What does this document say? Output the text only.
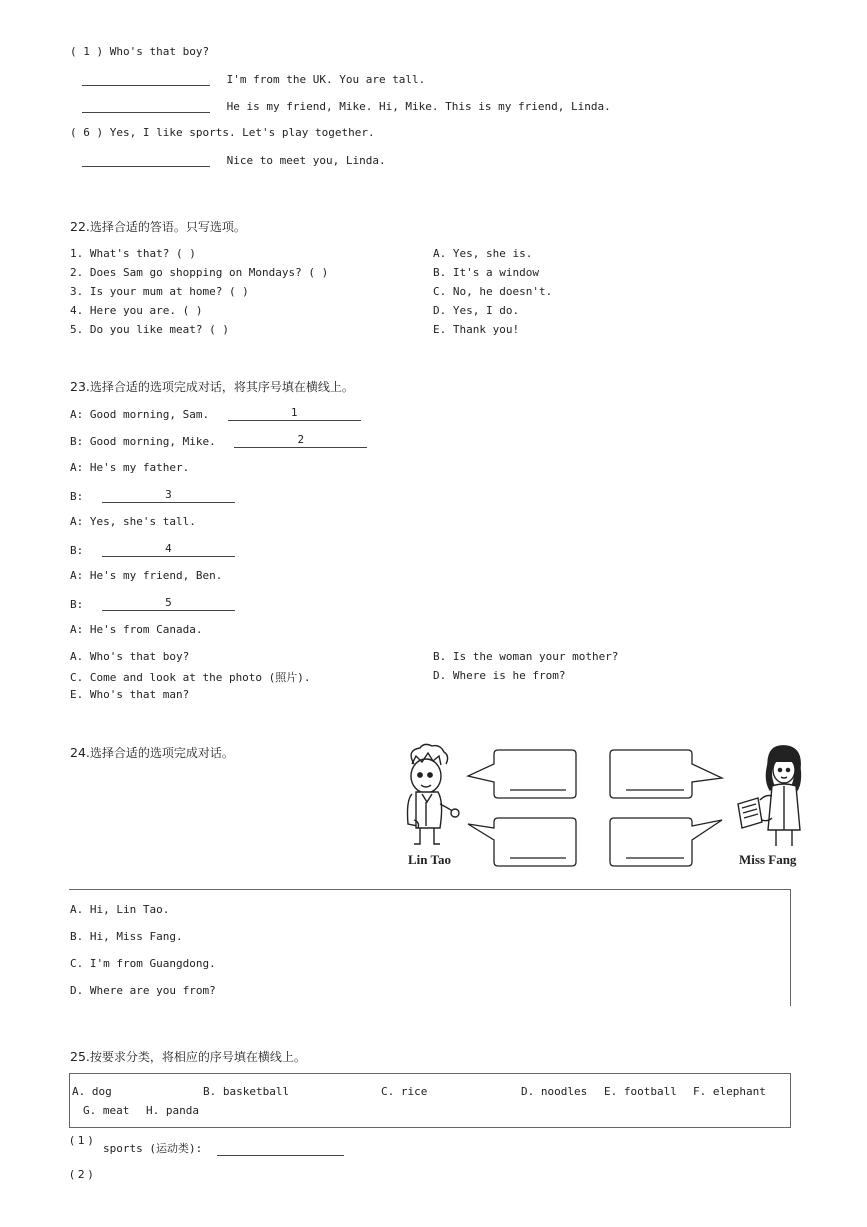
( 1 ) Who's that boy?
I'm from the UK. You are tall.
He is my friend, Mike. Hi, Mike. This is my friend, Linda.
( 6 ) Yes, I like sports. Let's play together.
Nice to meet you, Linda.
22.选择合适的答语。只写选项。
1. What's that? ( )
2. Does Sam go shopping on Mondays? ( )
3. Is your mum at home? ( )
4. Here you are. ( )
5. Do you like meat? ( )
A. Yes, she is.
B. It's a window
C. No, he doesn't.
D. Yes, I do.
E. Thank you!
23.选择合适的选项完成对话，将其序号填在横线上。
A: Good morning, Sam.	1
B: Good morning, Mike.	2
A: He's my father.
B:	3
A: Yes, she's tall.
B:	4
A: He's my friend, Ben.
B:	5
A: He's from Canada.
A. Who's that boy?	B. Is the woman your mother?
C. Come and look at the photo (照片).	D. Where is he from?
E. Who's that man?
24.选择合适的选项完成对话。
Lin Tao	Miss Fang
A. Hi, Lin Tao.
B. Hi, Miss Fang.
C. I'm from Guangdong.
D. Where are you from?
25.按要求分类，将相应的序号填在横线上。
A. dog	B. basketball	C. rice	D. noodles E. football F. elephant
G. meat H. panda
( 1 )
sports (运动类):
( 2 )
